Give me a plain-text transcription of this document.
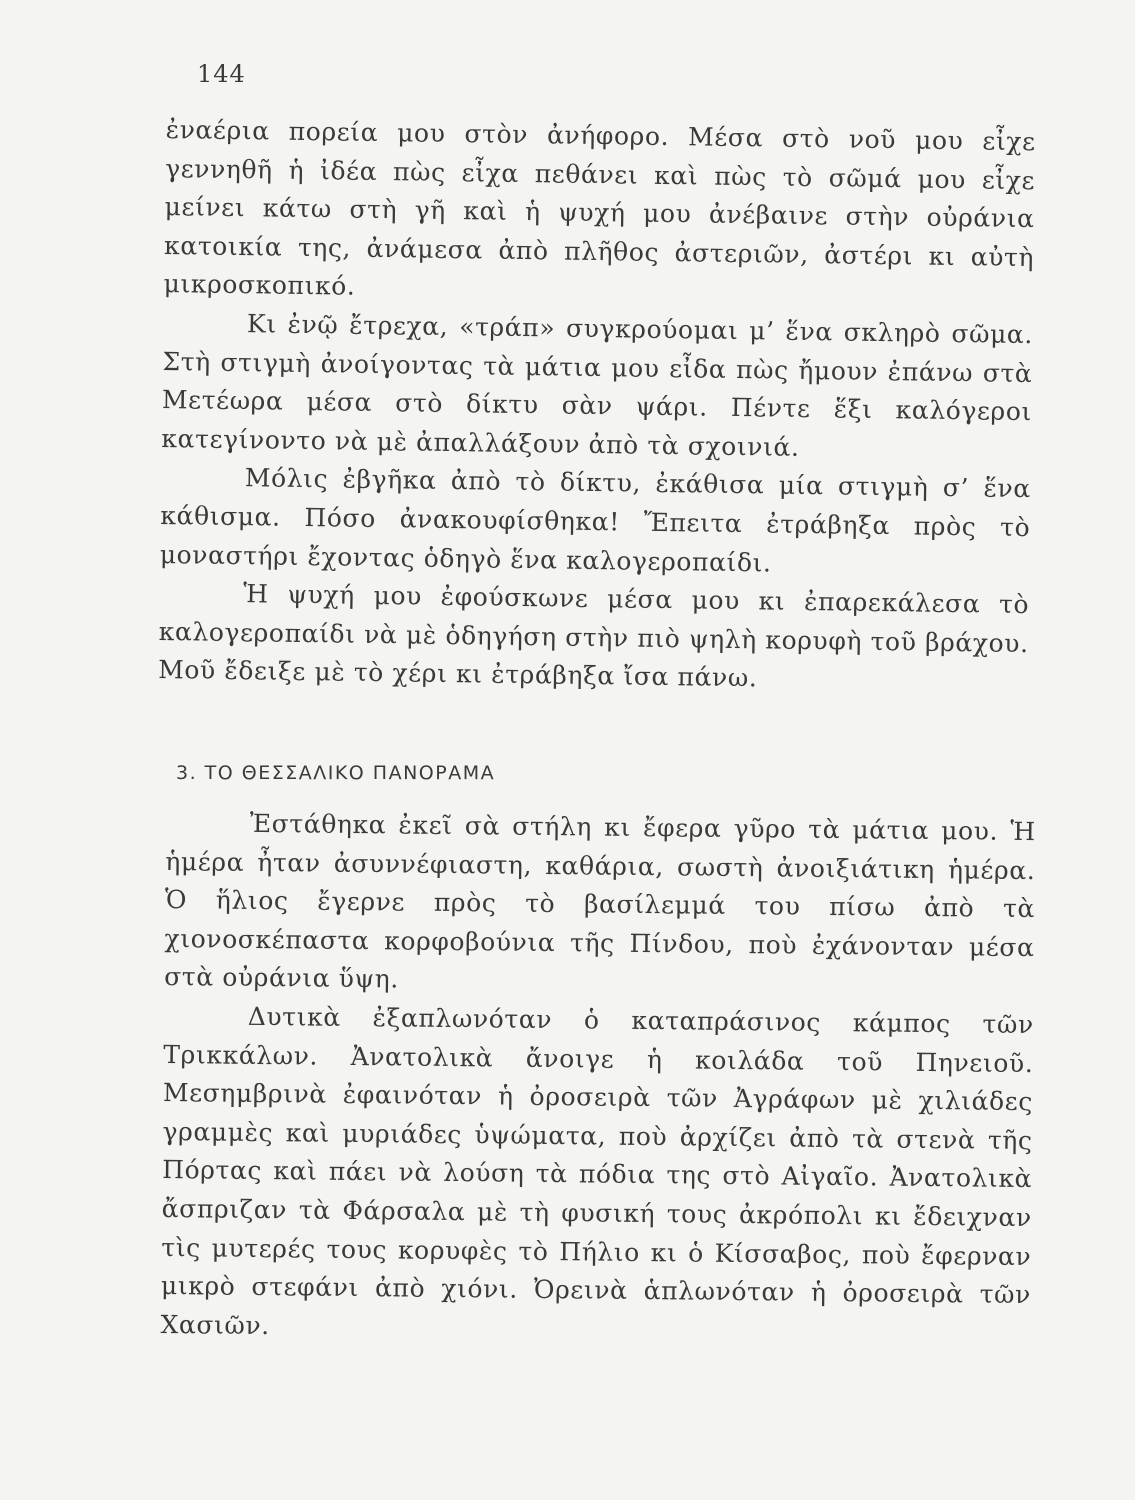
144

ἐναέρια πορεία μου στὸν ἀνήφορο. Μέσα στὸ νοῦ μου εἶχε γεννηθῆ ἡ ἰδέα πὼς εἶχα πεθάνει καὶ πὼς τὸ σῶμά μου εἶχε μείνει κάτω στὴ γῆ καὶ ἡ ψυχή μου ἀνέβαινε στὴν οὐράνια κατοικία της, ἀνάμεσα ἀπὸ πλῆθος ἀστεριῶν, ἀστέρι κι αὐτὴ μικροσκοπικό.

Κι ἐνῷ ἔτρεχα, «τράπ» συγκρούομαι μ’ ἕνα σκληρὸ σῶμα. Στὴ στιγμὴ ἀνοίγοντας τὰ μάτια μου εἶδα πὼς ἤμουν ἐπάνω στὰ Μετέωρα μέσα στὸ δίκτυ σὰν ψάρι. Πέντε ἕξι καλόγεροι κατεγίνοντο νὰ μὲ ἀπαλλάξουν ἀπὸ τὰ σχοινιά.

Μόλις ἐβγῆκα ἀπὸ τὸ δίκτυ, ἐκάθισα μία στιγμὴ σ’ ἕνα κάθισμα. Πόσο ἀνακουφίσθηκα! Ἔπειτα ἐτράβηξα πρὸς τὸ μοναστήρι ἔχοντας ὁδηγὸ ἕνα καλογεροπαίδι.

Ἡ ψυχή μου ἐφούσκωνε μέσα μου κι ἐπαρεκάλεσα τὸ καλογεροπαίδι νὰ μὲ ὁδηγήση στὴν πιὸ ψηλὴ κορυφὴ τοῦ βράχου. Μοῦ ἔδειξε μὲ τὸ χέρι κι ἐτράβηξα ἴσα πάνω.

3. ΤΟ ΘΕΣΣΑΛΙΚΟ ΠΑΝΟΡΑΜΑ

Ἐστάθηκα ἐκεῖ σὰ στήλη κι ἔφερα γῦρο τὰ μάτια μου. Ἡ ἡμέρα ἦταν ἀσυννέφιαστη, καθάρια, σωστὴ ἀνοιξιάτικη ἡμέρα. Ὁ ἥλιος ἔγερνε πρὸς τὸ βασίλεμμά του πίσω ἀπὸ τὰ χιονοσκέπαστα κορφοβούνια τῆς Πίνδου, ποὺ ἐχάνονταν μέσα στὰ οὐράνια ὕψη.

Δυτικὰ ἐξαπλωνόταν ὁ καταπράσινος κάμπος τῶν Τρικκάλων. Ἀνατολικὰ ἄνοιγε ἡ κοιλάδα τοῦ Πηνειοῦ. Μεσημβρινὰ ἐφαινόταν ἡ ὀροσειρὰ τῶν Ἀγράφων μὲ χιλιάδες γραμμὲς καὶ μυριάδες ὑψώματα, ποὺ ἀρχίζει ἀπὸ τὰ στενὰ τῆς Πόρτας καὶ πάει νὰ λούση τὰ πόδια της στὸ Αἰγαῖο. Ἀνατολικὰ ἄσπριζαν τὰ Φάρσαλα μὲ τὴ φυσική τους ἀκρόπολι κι ἔδειχναν τὶς μυτερές τους κορυφὲς τὸ Πήλιο κι ὁ Κίσσαβος, ποὺ ἔφερναν μικρὸ στεφάνι ἀπὸ χιόνι. Ὀρεινὰ ἁπλωνόταν ἡ ὀροσειρὰ τῶν Χασιῶν.
